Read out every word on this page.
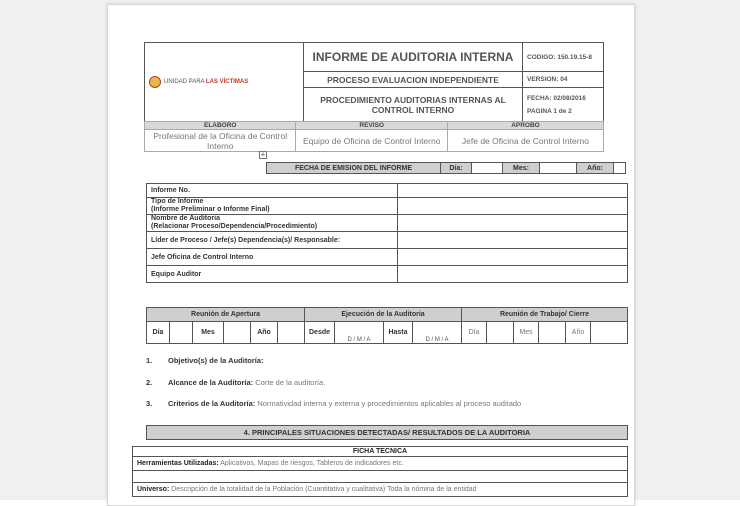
UNIDAD PARA LAS VÍCTIMAS	INFORME DE AUDITORIA INTERNA	CODIGO: 150.19.15-8
	PROCESO EVALUACION INDEPENDIENTE	VERSION: 04
	PROCEDIMIENTO AUDITORIAS INTERNAS AL CONTROL INTERNO	FECHA: 02/08/2016
PAGINA 1 de 2
ELABORO	REVISO	APROBO
Profesional de la Oficina de Control Interno	Equipo de Oficina de Control Interno	Jefe de Oficina de Control Interno
+
FECHA DE EMISION DEL INFORME	Día:		Mes:		Año:	
Informe No.	
Tipo de Informe
(Informe Preliminar o Informe Final)	
Nombre de Auditoria
(Relacionar Proceso/Dependencia/Procedimiento)	
Líder de Proceso / Jefe(s) Dependencia(s)/ Responsable:	
Jefe Oficina de Control Interno	
Equipo Auditor	
Reunión de Apertura						Ejecución de la Auditoria				Reunión de Trabajo/ Cierre					
Día		Mes		Año		Desde	D / M / A	Hasta	D / M / A	Día		Mes		Año	
1. Objetivo(s) de la Auditoría:
2. Alcance de la Auditoría: Corte de la auditoría.
3. Criterios de la Auditoría: Normatividad interna y externa y procedimientos aplicables al proceso auditado
4. PRINCIPALES SITUACIONES DETECTADAS/ RESULTADOS DE LA AUDITORIA
FICHA TECNICA
Herramientas Utilizadas: Aplicativos, Mapas de riesgos, Tableros de indicadores etc.

Universo: Descripción de la totalidad de la Población (Cuantitativa y cualitativa) Toda la nómina de la entidad
